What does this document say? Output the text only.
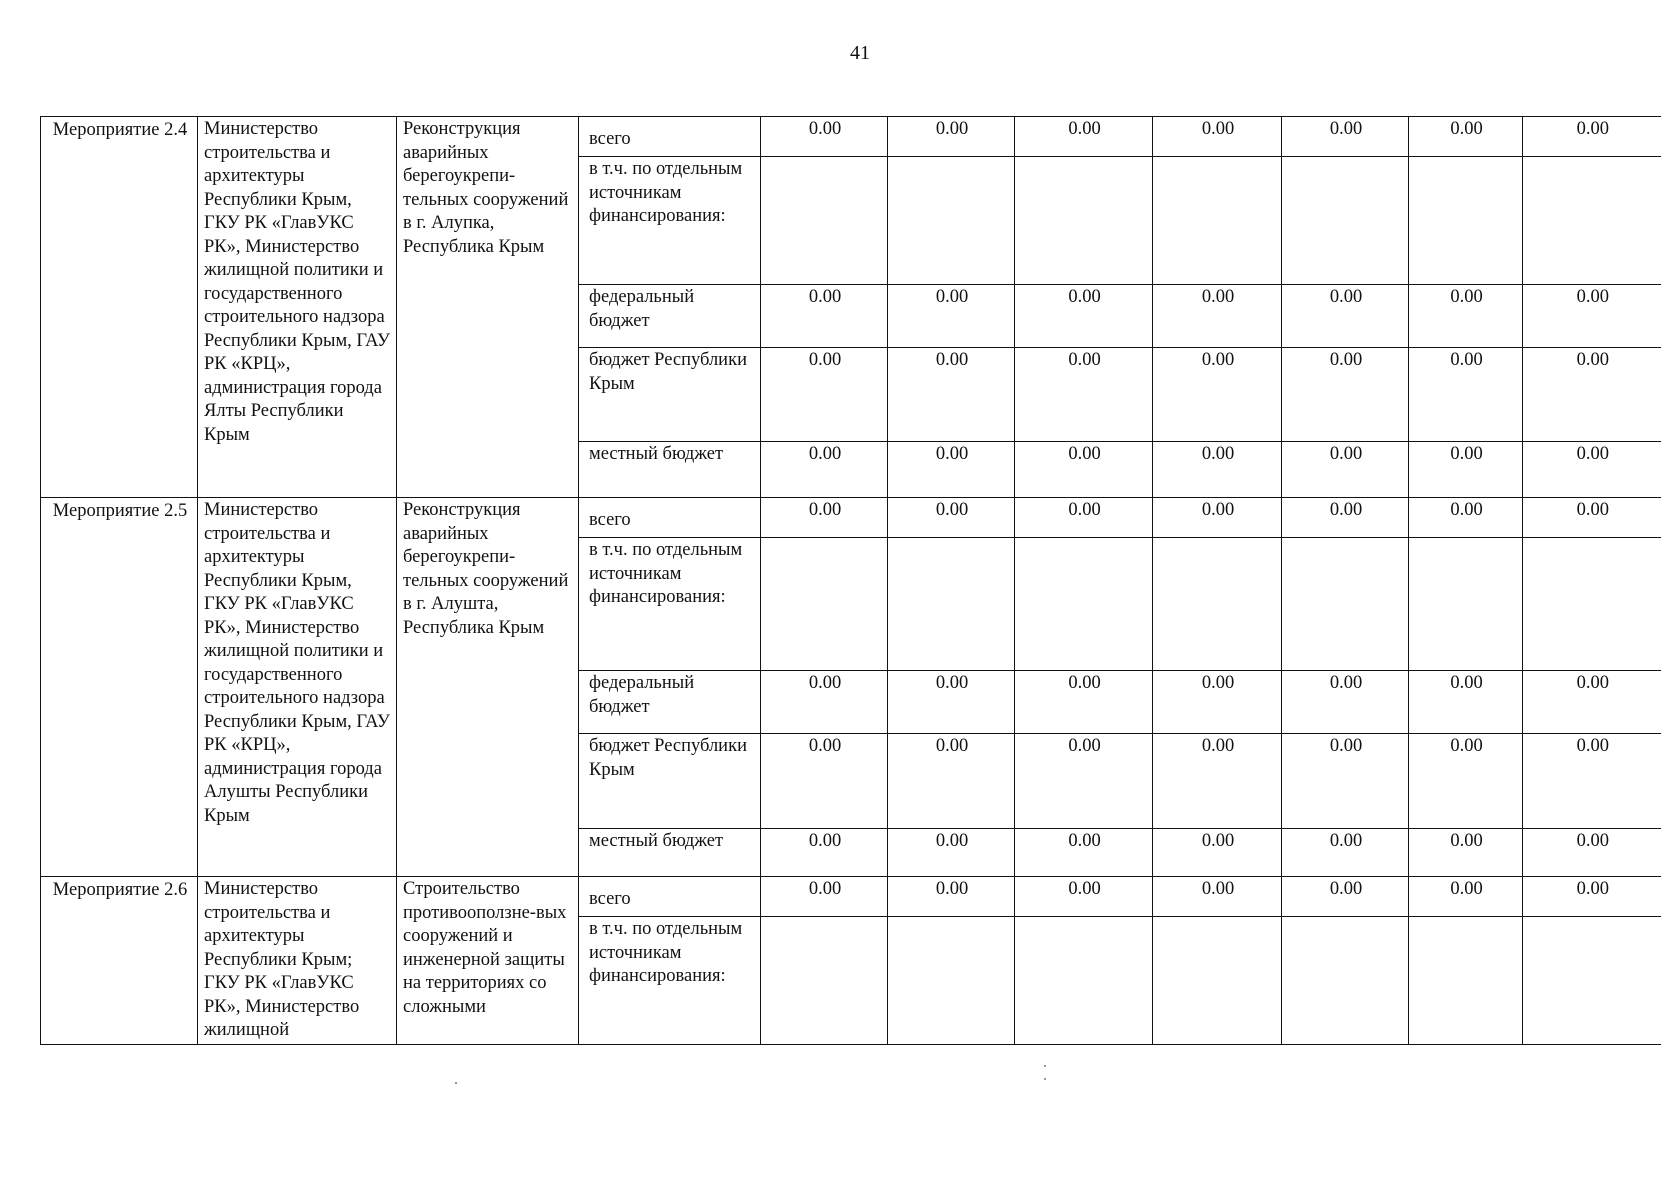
41
Мероприятие 2.4	Министерство строительства и архитектуры Республики Крым, ГКУ РК «ГлавУКС РК», Министерство жилищной политики и государственного строительного надзора Республики Крым, ГАУ РК «КРЦ», администрация города Ялты Республики Крым	Реконструкция аварийных берегоукрепи-тельных сооружений в г. Алупка, Республика Крым	всего	0.00	0.00	0.00	0.00	0.00	0.00	0.00
			в т.ч. по отдельным источникам финансирования:							
			федеральный бюджет	0.00	0.00	0.00	0.00	0.00	0.00	0.00
			бюджет Республики Крым	0.00	0.00	0.00	0.00	0.00	0.00	0.00
			местный бюджет	0.00	0.00	0.00	0.00	0.00	0.00	0.00
Мероприятие 2.5	Министерство строительства и архитектуры Республики Крым, ГКУ РК «ГлавУКС РК», Министерство жилищной политики и государственного строительного надзора Республики Крым, ГАУ РК «КРЦ», администрация города Алушты Республики Крым	Реконструкция аварийных берегоукрепи-тельных сооружений в г. Алушта, Республика Крым	всего	0.00	0.00	0.00	0.00	0.00	0.00	0.00
			в т.ч. по отдельным источникам финансирования:							
			федеральный бюджет	0.00	0.00	0.00	0.00	0.00	0.00	0.00
			бюджет Республики Крым	0.00	0.00	0.00	0.00	0.00	0.00	0.00
			местный бюджет	0.00	0.00	0.00	0.00	0.00	0.00	0.00
Мероприятие 2.6	Министерство строительства и архитектуры Республики Крым; ГКУ РК «ГлавУКС РК», Министерство жилищной	Строительство противооползне-вых сооружений и инженерной защиты на территориях со сложными	всего	0.00	0.00	0.00	0.00	0.00	0.00	0.00
			в т.ч. по отдельным источникам финансирования:							
